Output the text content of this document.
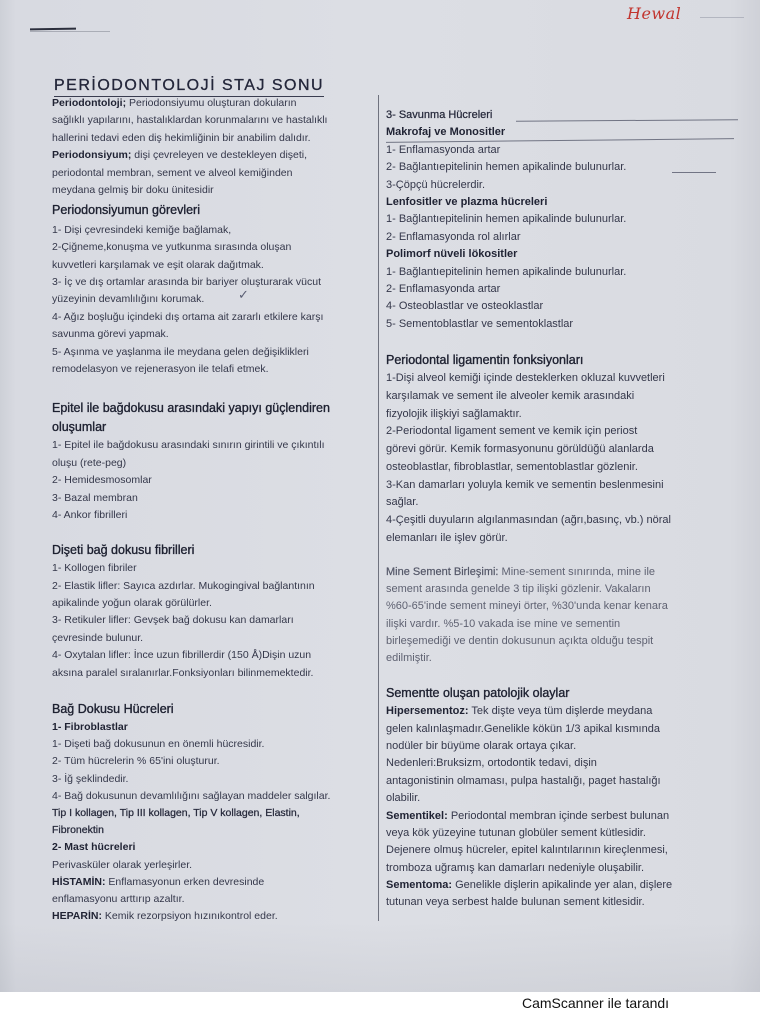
Hewal
PERİODONTOLOJİ STAJ SONU
Periodontoloji; Periodonsiyumu oluşturan dokuların
sağlıklı yapılarını, hastalıklardan korunmalarını ve hastalıklı
hallerini tedavi eden diş hekimliğinin bir anabilim dalıdır.
Periodonsiyum; dişi çevreleyen ve destekleyen dişeti,
periodontal membran, sement ve alveol kemiğinden
meydana gelmiş bir doku ünitesidir
Periodonsiyumun görevleri
1- Dişi çevresindeki kemiğe bağlamak,
2-Çiğneme,konuşma ve yutkunma sırasında oluşan
kuvvetleri karşılamak ve eşit olarak dağıtmak.
3- İç ve dış ortamlar arasında bir bariyer oluşturarak vücut
yüzeyinin devamlılığını korumak.
4- Ağız boşluğu içindeki dış ortama ait zararlı etkilere karşı
savunma görevi yapmak.
5- Aşınma ve yaşlanma ile meydana gelen değişiklikleri
remodelasyon ve rejenerasyon ile telafi etmek.
Epitel ile bağdokusu arasındaki yapıyı güçlendiren
oluşumlar
1- Epitel ile bağdokusu arasındaki sınırın girintili ve çıkıntılı
oluşu (rete-peg)
2- Hemidesmosomlar
3- Bazal membran
4- Ankor fibrilleri
Dişeti bağ dokusu fibrilleri
1- Kollogen fibriler
2- Elastik lifler: Sayıca azdırlar. Mukogingival bağlantının
apikalinde yoğun olarak görülürler.
3- Retikuler lifler: Gevşek bağ dokusu kan damarları
çevresinde bulunur.
4- Oxytalan lifler: İnce uzun fibrillerdir (150 Å)Dişin uzun
aksına paralel sıralanırlar.Fonksiyonları bilinmemektedir.
Bağ Dokusu Hücreleri
1- Fibroblastlar
1- Dişeti bağ dokusunun en önemli hücresidir.
2- Tüm hücrelerin % 65'ini oluşturur.
3- İğ şeklindedir.
4- Bağ dokusunun devamlılığını sağlayan maddeler salgılar.
Tip I kollagen, Tip III kollagen, Tip V kollagen, Elastin,
Fibronektin
2- Mast hücreleri
Perivasküler olarak yerleşirler.
HİSTAMİN: Enflamasyonun erken devresinde
enflamasyonu arttırıp azaltır.
HEPARİN: Kemik rezorpsiyon hızınıkontrol eder.
3- Savunma Hücreleri
Makrofaj ve Monositler
1- Enflamasyonda artar
2- Bağlantıepitelinin hemen apikalinde bulunurlar.
3-Çöpçü hücrelerdir.
Lenfositler ve plazma hücreleri
1- Bağlantıepitelinin hemen apikalinde bulunurlar.
2- Enflamasyonda rol alırlar
Polimorf nüveli lökositler
1- Bağlantıepitelinin hemen apikalinde bulunurlar.
2- Enflamasyonda artar
4- Osteoblastlar ve osteoklastlar
5- Sementoblastlar ve sementoklastlar
Periodontal ligamentin fonksiyonları
1-Dişi alveol kemiği içinde desteklerken okluzal kuvvetleri
karşılamak ve sement ile alveoler kemik arasındaki
fizyolojik ilişkiyi sağlamaktır.
2-Periodontal ligament sement ve kemik için periost
görevi görür. Kemik formasyonunu görüldüğü alanlarda
osteoblastlar, fibroblastlar, sementoblastlar gözlenir.
3-Kan damarları yoluyla kemik ve sementin beslenmesini
sağlar.
4-Çeşitli duyuların algılanmasından (ağrı,basınç, vb.) nöral
elemanları ile işlev görür.
Mine Sement Birleşimi: Mine-sement sınırında, mine ile
sement arasında genelde 3 tip ilişki gözlenir. Vakaların
%60-65'inde sement mineyi örter, %30'unda kenar kenara
ilişki vardır. %5-10 vakada ise mine ve sementin
birleşemediği ve dentin dokusunun açıkta olduğu tespit
edilmiştir.
Sementte oluşan patolojik olaylar
Hipersementoz: Tek dişte veya tüm dişlerde meydana
gelen kalınlaşmadır.Genelikle kökün 1/3 apikal kısmında
nodüler bir büyüme olarak ortaya çıkar.
Nedenleri:Bruksizm, ortodontik tedavi, dişin
antagonistinin olmaması, pulpa hastalığı, paget hastalığı
olabilir.
Sementikel: Periodontal membran içinde serbest bulunan
veya kök yüzeyine tutunan globüler sement kütlesidir.
Dejenere olmuş hücreler, epitel kalıntılarının kireçlenmesi,
tromboza uğramış kan damarları nedeniyle oluşabilir.
Sementoma: Genelikle dişlerin apikalinde yer alan, dişlere
tutunan veya serbest halde bulunan sement kitlesidir.
✓
CamScanner ile tarandı
